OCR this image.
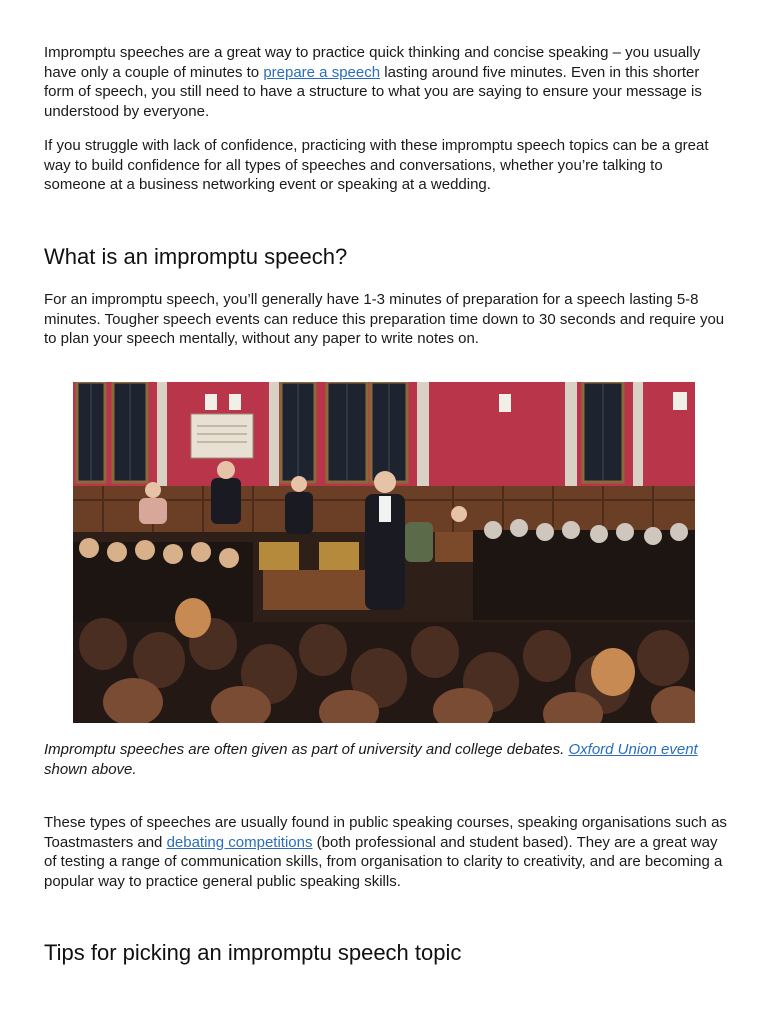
Impromptu speeches are a great way to practice quick thinking and concise speaking – you usually have only a couple of minutes to prepare a speech lasting around five minutes. Even in this shorter form of speech, you still need to have a structure to what you are saying to ensure your message is understood by everyone.

If you struggle with lack of confidence, practicing with these impromptu speech topics can be a great way to build confidence for all types of speeches and conversations, whether you’re talking to someone at a business networking event or speaking at a wedding.

What is an impromptu speech?

For an impromptu speech, you’ll generally have 1-3 minutes of preparation for a speech lasting 5-8 minutes. Tougher speech events can reduce this preparation time down to 30 seconds and require you to plan your speech mentally, without any paper to write notes on.

Impromptu speeches are often given as part of university and college debates. Oxford Union event shown above.

These types of speeches are usually found in public speaking courses, speaking organisations such as Toastmasters and debating competitions (both professional and student based). They are a great way of testing a range of communication skills, from organisation to clarity to creativity, and are becoming a popular way to practice general public speaking skills.

Tips for picking an impromptu speech topic
